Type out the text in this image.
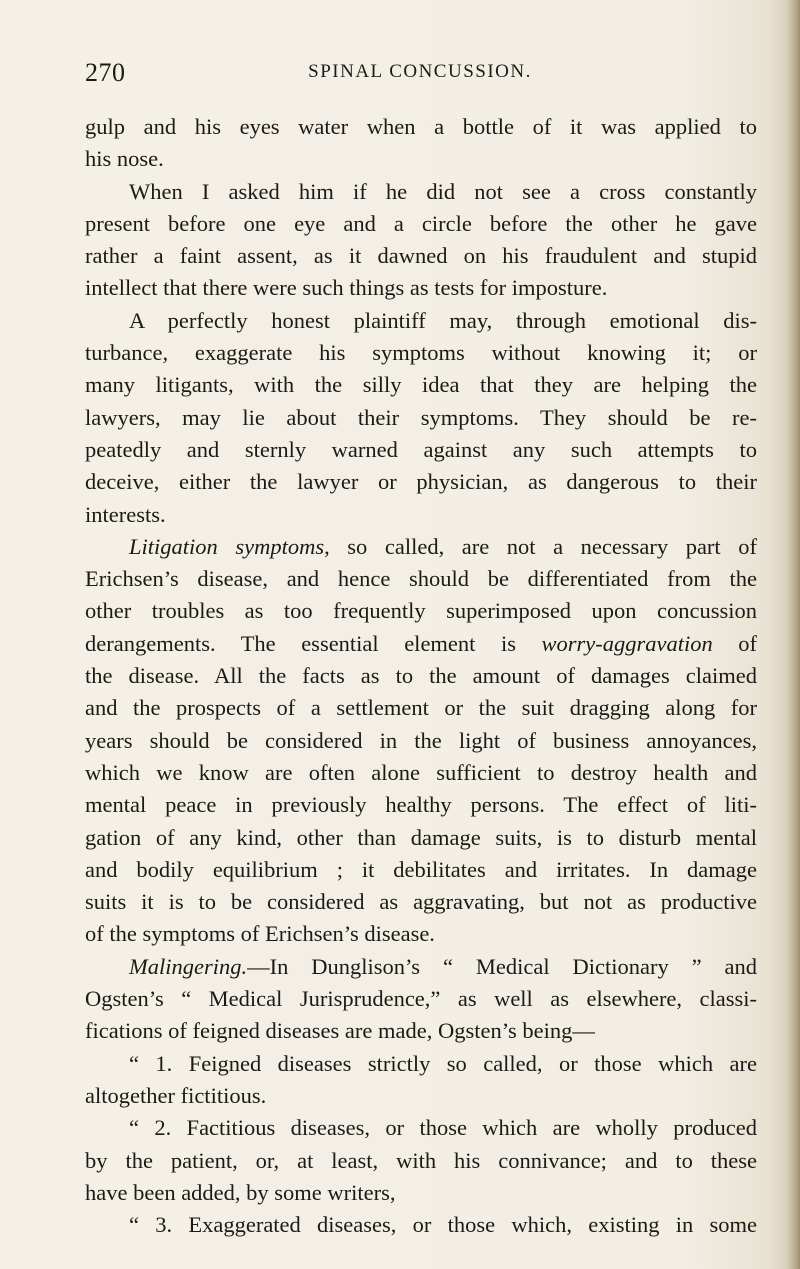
270	SPINAL CONCUSSION.
gulp and his eyes water when a bottle of it was applied to
his nose.
When I asked him if he did not see a cross constantly
present before one eye and a circle before the other he gave
rather a faint assent, as it dawned on his fraudulent and stupid
intellect that there were such things as tests for imposture.
A perfectly honest plaintiff may, through emotional dis-
turbance, exaggerate his symptoms without knowing it; or
many litigants, with the silly idea that they are helping the
lawyers, may lie about their symptoms. They should be re-
peatedly and sternly warned against any such attempts to
deceive, either the lawyer or physician, as dangerous to their
interests.
Litigation symptoms, so called, are not a necessary part of
Erichsen’s disease, and hence should be differentiated from the
other troubles as too frequently superimposed upon concussion
derangements. The essential element is worry-aggravation of
the disease. All the facts as to the amount of damages claimed
and the prospects of a settlement or the suit dragging along for
years should be considered in the light of business annoyances,
which we know are often alone sufficient to destroy health and
mental peace in previously healthy persons. The effect of liti-
gation of any kind, other than damage suits, is to disturb mental
and bodily equilibrium ; it debilitates and irritates. In damage
suits it is to be considered as aggravating, but not as productive
of the symptoms of Erichsen’s disease.
Malingering.—In Dunglison’s “ Medical Dictionary ” and
Ogsten’s “ Medical Jurisprudence,” as well as elsewhere, classi-
fications of feigned diseases are made, Ogsten’s being—
“ 1. Feigned diseases strictly so called, or those which are
altogether fictitious.
“ 2. Factitious diseases, or those which are wholly produced
by the patient, or, at least, with his connivance; and to these
have been added, by some writers,
“ 3. Exaggerated diseases, or those which, existing in some
